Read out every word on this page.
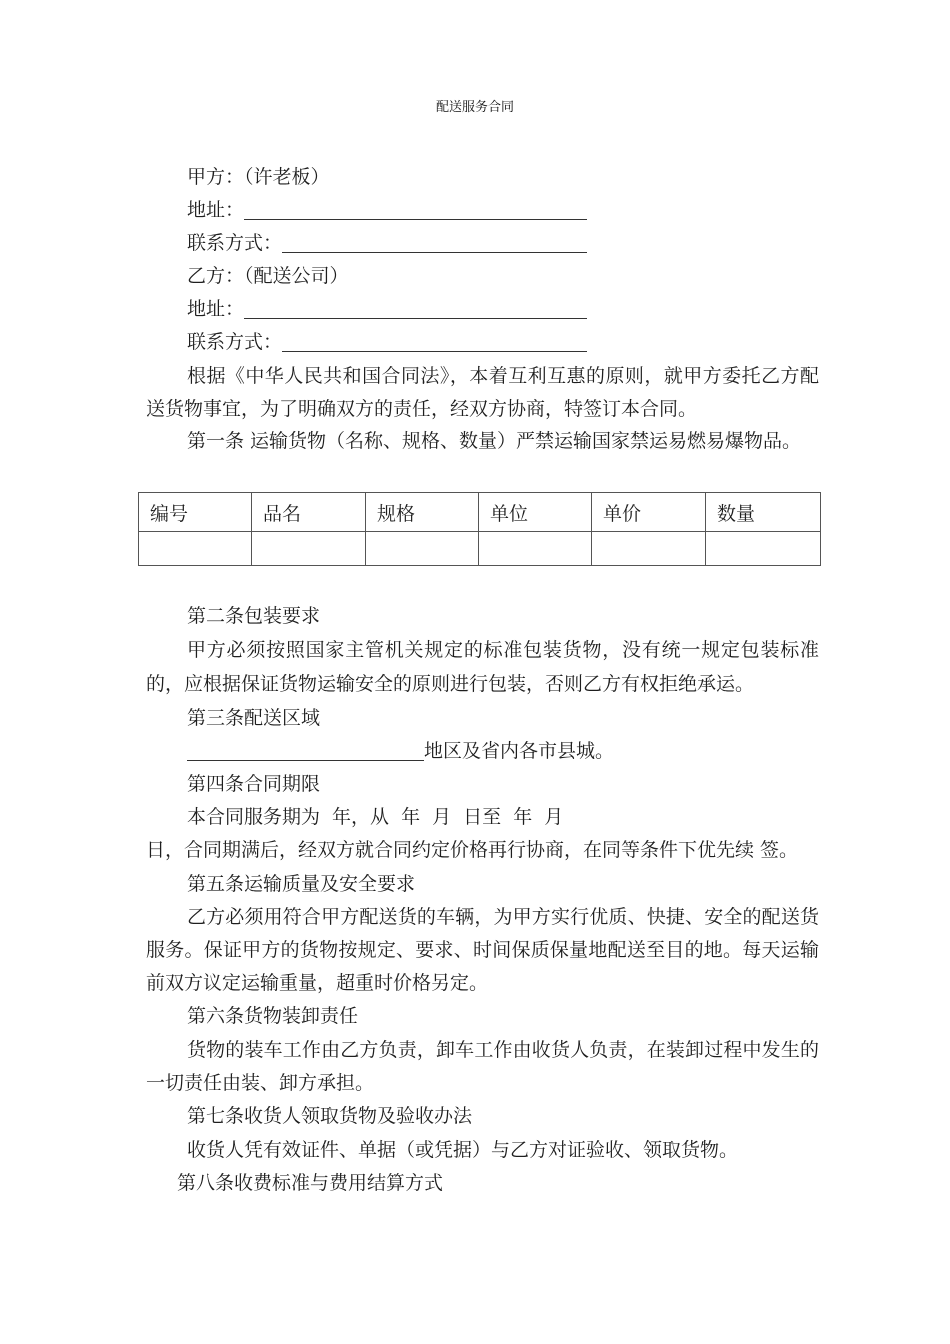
配送服务合同
甲方：（许老板）
地址：
联系方式：
乙方：（配送公司）
地址：
联系方式：
根据《中华人民共和国合同法》，本着互利互惠的原则，就甲方委托乙方配
送货物事宜，为了明确双方的责任，经双方协商，特签订本合同。
第一条 运输货物（名称、规格、数量）严禁运输国家禁运易燃易爆物品。
编号	品名	规格	单位	单价	数量

第二条包装要求
甲方必须按照国家主管机关规定的标准包装货物，没有统一规定包装标准
的，应根据保证货物运输安全的原则进行包装，否则乙方有权拒绝承运。
第三条配送区域
地区及省内各市县城。
第四条合同期限
本合同服务期为 年，从 年 月 日至 年 月
日，合同期满后，经双方就合同约定价格再行协商，在同等条件下优先续 签。
第五条运输质量及安全要求
乙方必须用符合甲方配送货的车辆，为甲方实行优质、快捷、安全的配送货
服务。保证甲方的货物按规定、要求、时间保质保量地配送至目的地。每天运输
前双方议定运输重量，超重时价格另定。
第六条货物装卸责任
货物的装车工作由乙方负责，卸车工作由收货人负责，在装卸过程中发生的
一切责任由装、卸方承担。
第七条收货人领取货物及验收办法
收货人凭有效证件、单据（或凭据）与乙方对证验收、领取货物。
第八条收费标准与费用结算方式
